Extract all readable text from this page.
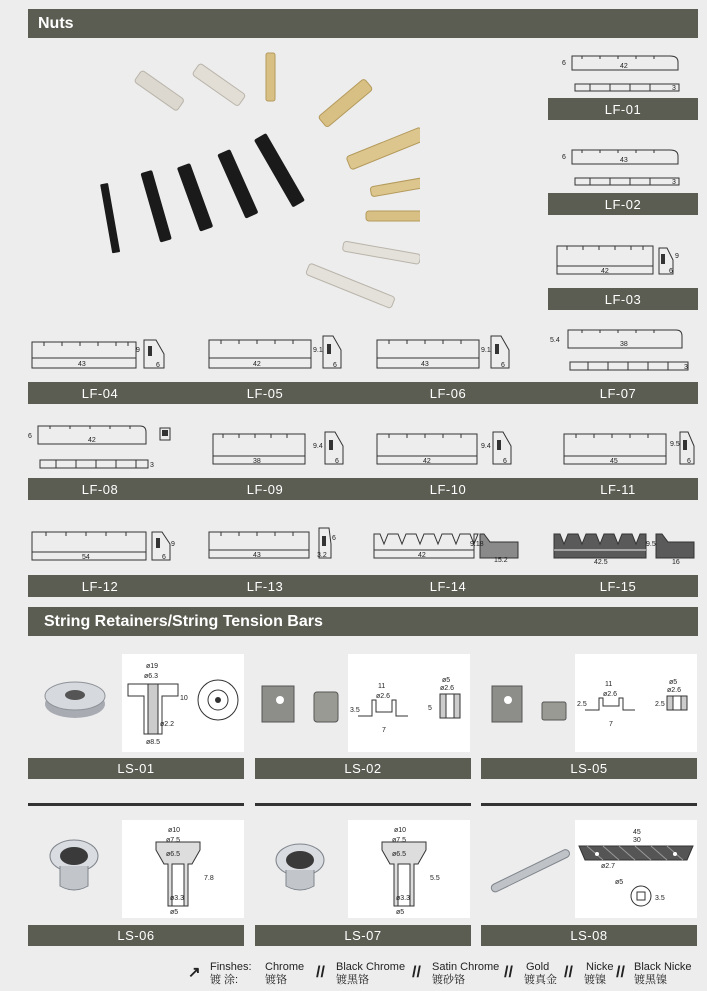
Nuts
6	42
3
LF-01
6	43
3
LF-02
42
9
6
LF-03
43
9
6	42
9.1
6	43
9.1
6
5.4
38
3
LF-04	LF-05	LF-06	LF-07
6
42
3
38
9.4
6	42
9.4
6	45
9.5
6
LF-08	LF-09	LF-10	LF-11
54
9
6	43
6
3.2	42
9.18
15.2	42.5
9.5
16
LF-12	LF-13	LF-14	LF-15
String Retainers/String Tension Bars
ø19
ø6.3
10
ø2.2
ø8.5
LS-01
11
ø2.6
3.5
7
ø5
ø2.6
5
LS-02
11
ø2.6
2.5
7
ø5
ø2.6
2.5
LS-05
ø10
ø7.5
ø6.5
7.8
ø3.3
ø5
LS-06
ø10
ø7.5
ø6.5
5.5
ø3.3
ø5
LS-07
45
30
ø2.7
ø5
3.5
LS-08
↗ Finshes:
镀 涂:
Chrome
镀铬 // Black Chrome
镀黑铬	// Satin Chrome
镀砂铬 // Gold
镀真金 // Nicke
镀镍 // Black Nicke
镀黑镍
